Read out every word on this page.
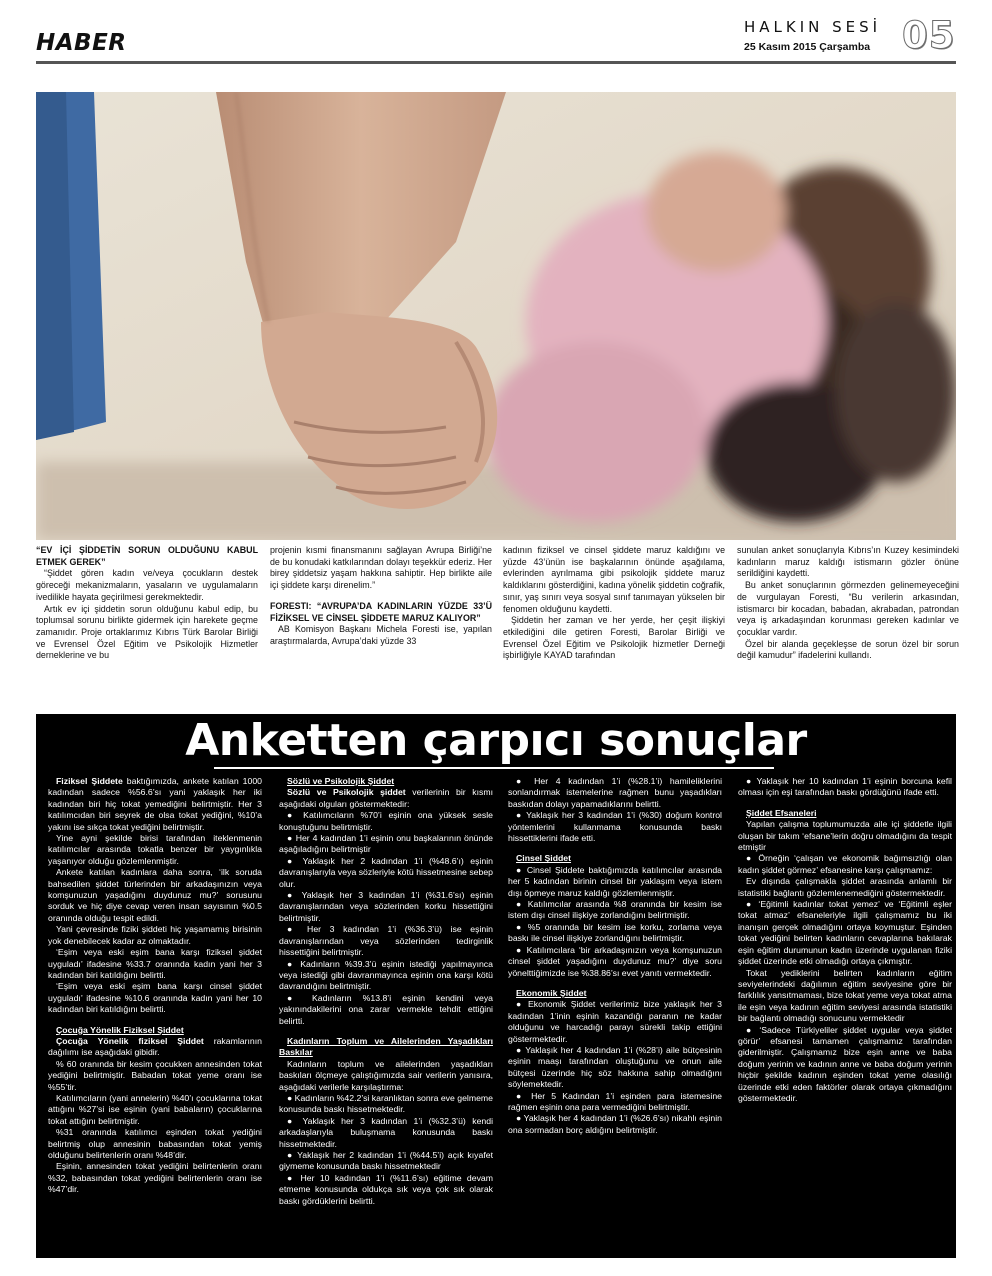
HABER
HALKIN SESİ
25 Kasım 2015 Çarşamba 05
“EV İÇİ ŞİDDETİN SORUN OLDUĞUNU KABUL ETMEK GEREK”

“Şiddet gören kadın ve/veya çocukların destek göreceği mekanizmaların, yasaların ve uygulamaların ivedilikle hayata geçirilmesi gerekmektedir.

Artık ev içi şiddetin sorun olduğunu kabul edip, bu toplumsal sorunu birlikte gidermek için harekete geçme zamanıdır. Proje ortaklarımız Kıbrıs Türk Barolar Birliği ve Evrensel Özel Eğitim ve Psikolojik Hizmetler derneklerine ve bu

projenin kısmi finansmanını sağlayan Avrupa Birliği’ne de bu konudaki katkılarından dolayı teşekkür ederiz. Her birey şiddetsiz yaşam hakkına sahiptir. Hep birlikte aile içi şiddete karşı direnelim.”

FORESTI: “AVRUPA’DA KADINLARIN YÜZDE 33’Ü FİZİKSEL VE CİNSEL ŞİDDETE MARUZ KALIYOR”

AB Komisyon Başkanı Michela Foresti ise, yapılan araştırmalarda, Avrupa’daki yüzde 33

kadının fiziksel ve cinsel şiddete maruz kaldığını ve yüzde 43’ünün ise başkalarının önünde aşağılama, evlerinden ayrılmama gibi psikolojik şiddete maruz kaldıklarını gösterdiğini, kadına yönelik şiddetin coğrafik, sınır, yaş sınırı veya sosyal sınıf tanımayan yükselen bir fenomen olduğunu kaydetti.

Şiddetin her zaman ve her yerde, her çeşit ilişkiyi etkilediğini dile getiren Foresti, Barolar Birliği ve Evrensel Özel Eğitim ve Psikolojik hizmetler Derneği işbirliğiyle KAYAD tarafından

sunulan anket sonuçlarıyla Kıbrıs’ın Kuzey kesimindeki kadınların maruz kaldığı istismarın gözler önüne serildiğini kaydetti.

Bu anket sonuçlarının görmezden gelinemeyeceğini de vurgulayan Foresti, “Bu verilerin arkasından, istismarcı bir kocadan, babadan, akrabadan, patrondan veya iş arkadaşından korunması gereken kadınlar ve çocuklar vardır.

Özel bir alanda geçekleşse de sorun özel bir sorun değil kamudur” ifadelerini kullandı.

Anketten çarpıcı sonuçlar

Fiziksel Şiddete baktığımızda, ankete katılan 1000 kadından sadece %56.6’sı yani yaklaşık her iki kadından biri hiç tokat yemediğini belirtmiştir. Her 3 katılımcıdan biri seyrek de olsa tokat yediğini, %10’a yakını ise sıkça tokat yediğini belirtmiştir.

Yine ayni şekilde birisi tarafından iteklenmenin katılımcılar arasında tokatla benzer bir yaygınlıkla yaşanıyor olduğu gözlemlenmiştir.

Ankete katılan kadınlara daha sonra, ‘ilk soruda bahsedilen şiddet türlerinden bir arkadaşınızın veya komşunuzun yaşadığını duydunuz mu?’ sorusunu sorduk ve hiç diye cevap veren insan sayısının %0.5 oranında olduğu tespit edildi.

Yani çevresinde fiziki şiddeti hiç yaşamamış birisinin yok denebilecek kadar az olmaktadır.

‘Eşim veya eski eşim bana karşı fiziksel şiddet uyguladı’ ifadesine %33.7 oranında kadın yani her 3 kadından biri katıldığını belirtti.

‘Eşim veya eski eşim bana karşı cinsel şiddet uyguladı’ ifadesine %10.6 oranında kadın yani her 10 kadından biri katıldığını belirtti.

Çocuğa Yönelik Fiziksel Şiddet

Çocuğa Yönelik fiziksel Şiddet rakamlarının dağılımı ise aşağıdaki gibidir.

% 60 oranında bir kesim çocukken annesinden tokat yediğini belirtmiştir. Babadan tokat yeme oranı ise %55’tir.

Katılımcıların (yani annelerin) %40’ı çocuklarına tokat attığını %27’si ise eşinin (yani babaların) çocuklarına tokat attığını belirtmiştir.

%31 oranında katılımcı eşinden tokat yediğini belirtmiş olup annesinin babasından tokat yemiş olduğunu belirtenlerin oranı %48’dir.

Eşinin, annesinden tokat yediğini belirtenlerin oranı %32, babasından tokat yediğini belirtenlerin oranı ise %47’dir.

Sözlü ve Psikolojik Şiddet

Sözlü ve Psikolojik şiddet verilerinin bir kısmı aşağıdaki olguları göstermektedir:

● Katılımcıların %70’i eşinin ona yüksek sesle konuştuğunu belirtmiştir.

● Her 4 kadından 1’i eşinin onu başkalarının önünde aşağıladığını belirtmiştir

● Yaklaşık her 2 kadından 1’i (%48.6’ı) eşinin davranışlarıyla veya sözleriyle kötü hissetmesine sebep olur.

● Yaklaşık her 3 kadından 1’i (%31.6’sı) eşinin davranışlarından veya sözlerinden korku hissettiğini belirtmiştir.

● Her 3 kadından 1’i (%36.3’ü) ise eşinin davranışlarından veya sözlerinden tedirginlik hissettiğini belirtmiştir.

● Kadınların %39.3’ü eşinin istediği yapılmayınca veya istediği gibi davranmayınca eşinin ona karşı kötü davrandığını belirtmiştir.

● Kadınların %13.8’i eşinin kendini veya yakınındakilerini ona zarar vermekle tehdit ettiğini belirtti.

Kadınların Toplum ve Ailelerinden Yaşadıkları Baskılar

Kadınların toplum ve ailelerinden yaşadıkları baskıları ölçmeye çalıştığımızda sair verilerin yanısıra, aşağıdaki verilerle karşılaştırma:

● Kadınların %42.2’si karanlıktan sonra eve gelmeme konusunda baskı hissetmektedir.

● Yaklaşık her 3 kadından 1’i (%32.3’ü) kendi arkadaşlarıyla buluşmama konusunda baskı hissetmektedir.

● Yaklaşık her 2 kadından 1’i (%44.5’i) açık kıyafet giymeme konusunda baskı hissetmektedir

● Her 10 kadından 1’i (%11.6’sı) eğitime devam etmeme konusunda oldukça sık veya çok sık olarak baskı gördüklerini belirtti.

● Her 4 kadından 1’i (%28.1’i) hamileliklerini sonlandırmak istemelerine rağmen bunu yaşadıkları baskıdan dolayı yapamadıklarını belirtti.

● Yaklaşık her 3 kadından 1’i (%30) doğum kontrol yöntemlerini kullanmama konusunda baskı hissettiklerini ifade etti.

Cinsel Şiddet

● Cinsel Şiddete baktığımızda katılımcılar arasında her 5 kadından birinin cinsel bir yaklaşım veya istem dışı öpmeye maruz kaldığı gözlemlenmiştir.

● Katılımcılar arasında %8 oranında bir kesim ise istem dışı cinsel ilişkiye zorlandığını belirtmiştir.

● %5 oranında bir kesim ise korku, zorlama veya baskı ile cinsel ilişkiye zorlandığını belirtmiştir.

● Katılımcılara ‘bir arkadaşınızın veya komşunuzun cinsel şiddet yaşadığını duydunuz mu?’ diye soru yönelttiğimizde ise %38.86’sı evet yanıtı vermektedir.

Ekonomik Şiddet

● Ekonomik Şiddet verilerimiz bize yaklaşık her 3 kadından 1’inin eşinin kazandığı paranın ne kadar olduğunu ve harcadığı parayı sürekli takip ettiğini göstermektedir.

● Yaklaşık her 4 kadından 1’i (%28’i) aile bütçesinin eşinin maaşı tarafından oluştuğunu ve onun aile bütçesi üzerinde hiç söz hakkına sahip olmadığını söylemektedir.

● Her 5 Kadından 1’i eşinden para istemesine rağmen eşinin ona para vermediğini belirtmiştir.

● Yaklaşık her 4 kadından 1’i (%26.6’sı) nikahlı eşinin ona sormadan borç aldığını belirtmiştir.

● Yaklaşık her 10 kadından 1’i eşinin borcuna kefil olması için eşi tarafından baskı gördüğünü ifade etti.

Şiddet Efsaneleri

Yapılan çalışma toplumumuzda aile içi şiddetle ilgili oluşan bir takım ‘efsane’lerin doğru olmadığını da tespit etmiştir

● Örneğin ‘çalışan ve ekonomik bağımsızlığı olan kadın şiddet görmez’ efsanesine karşı çalışmamız:

Ev dışında çalışmakla şiddet arasında anlamlı bir istatistiki bağlantı gözlemlenemediğini göstermektedir.

● ‘Eğitimli kadınlar tokat yemez’ ve ‘Eğitimli eşler tokat atmaz’ efsaneleriyle ilgili çalışmamız bu iki inanışın gerçek olmadığını ortaya koymuştur. Eşinden tokat yediğini belirten kadınların cevaplarına bakılarak eşin eğitim durumunun kadın üzerinde uygulanan fiziki şiddet üzerinde etki olmadığı ortaya çıkmıştır.

Tokat yediklerini belirten kadınların eğitim seviyelerindeki dağılımın eğitim seviyesine göre bir farklılık yansıtmaması, bize tokat yeme veya tokat atma ile eşin veya kadının eğitim seviyesi arasında istatistiki bir bağlantı olmadığı sonucunu vermektedir

● ‘Sadece Türkiyeliler şiddet uygular veya şiddet görür’ efsanesi tamamen çalışmamız tarafından giderilmiştir. Çalışmamız bize eşin anne ve baba doğum yerinin ve kadının anne ve baba doğum yerinin hiçbir şekilde kadının eşinden tokat yeme olasılığı üzerinde etki eden faktörler olarak ortaya çıkmadığını göstermektedir.
